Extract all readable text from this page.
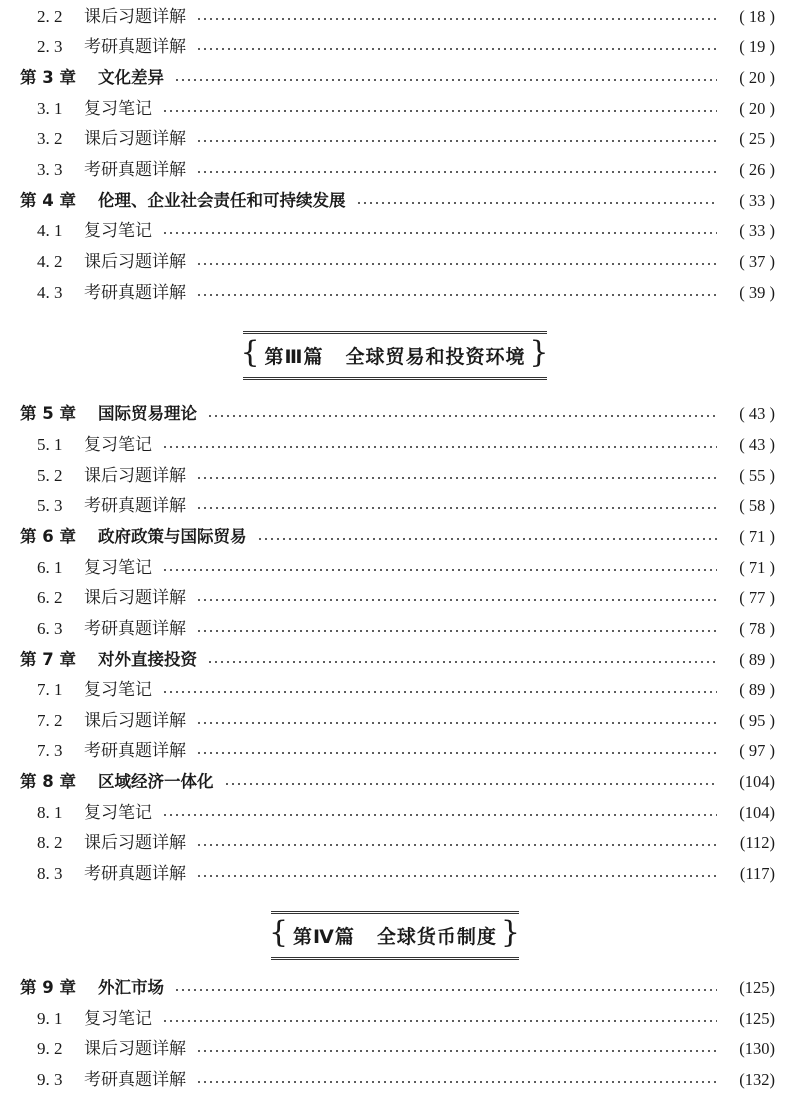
2. 2	课后习题详解	( 18 )
2. 3	考研真题详解	( 19 )
第 3 章	文化差异	( 20 )
3. 1	复习笔记	( 20 )
3. 2	课后习题详解	( 25 )
3. 3	考研真题详解	( 26 )
第 4 章	伦理、企业社会责任和可持续发展	( 33 )
4. 1	复习笔记	( 33 )
4. 2	课后习题详解	( 37 )
4. 3	考研真题详解	( 39 )
{ 第Ⅲ篇 全球贸易和投资环境 }
第 5 章	国际贸易理论	( 43 )
5. 1	复习笔记	( 43 )
5. 2	课后习题详解	( 55 )
5. 3	考研真题详解	( 58 )
第 6 章	政府政策与国际贸易	( 71 )
6. 1	复习笔记	( 71 )
6. 2	课后习题详解	( 77 )
6. 3	考研真题详解	( 78 )
第 7 章	对外直接投资	( 89 )
7. 1	复习笔记	( 89 )
7. 2	课后习题详解	( 95 )
7. 3	考研真题详解	( 97 )
第 8 章	区域经济一体化	(104)
8. 1	复习笔记	(104)
8. 2	课后习题详解	(112)
8. 3	考研真题详解	(117)
{ 第Ⅳ篇 全球货币制度 }
第 9 章	外汇市场	(125)
9. 1	复习笔记	(125)
9. 2	课后习题详解	(130)
9. 3	考研真题详解	(132)
